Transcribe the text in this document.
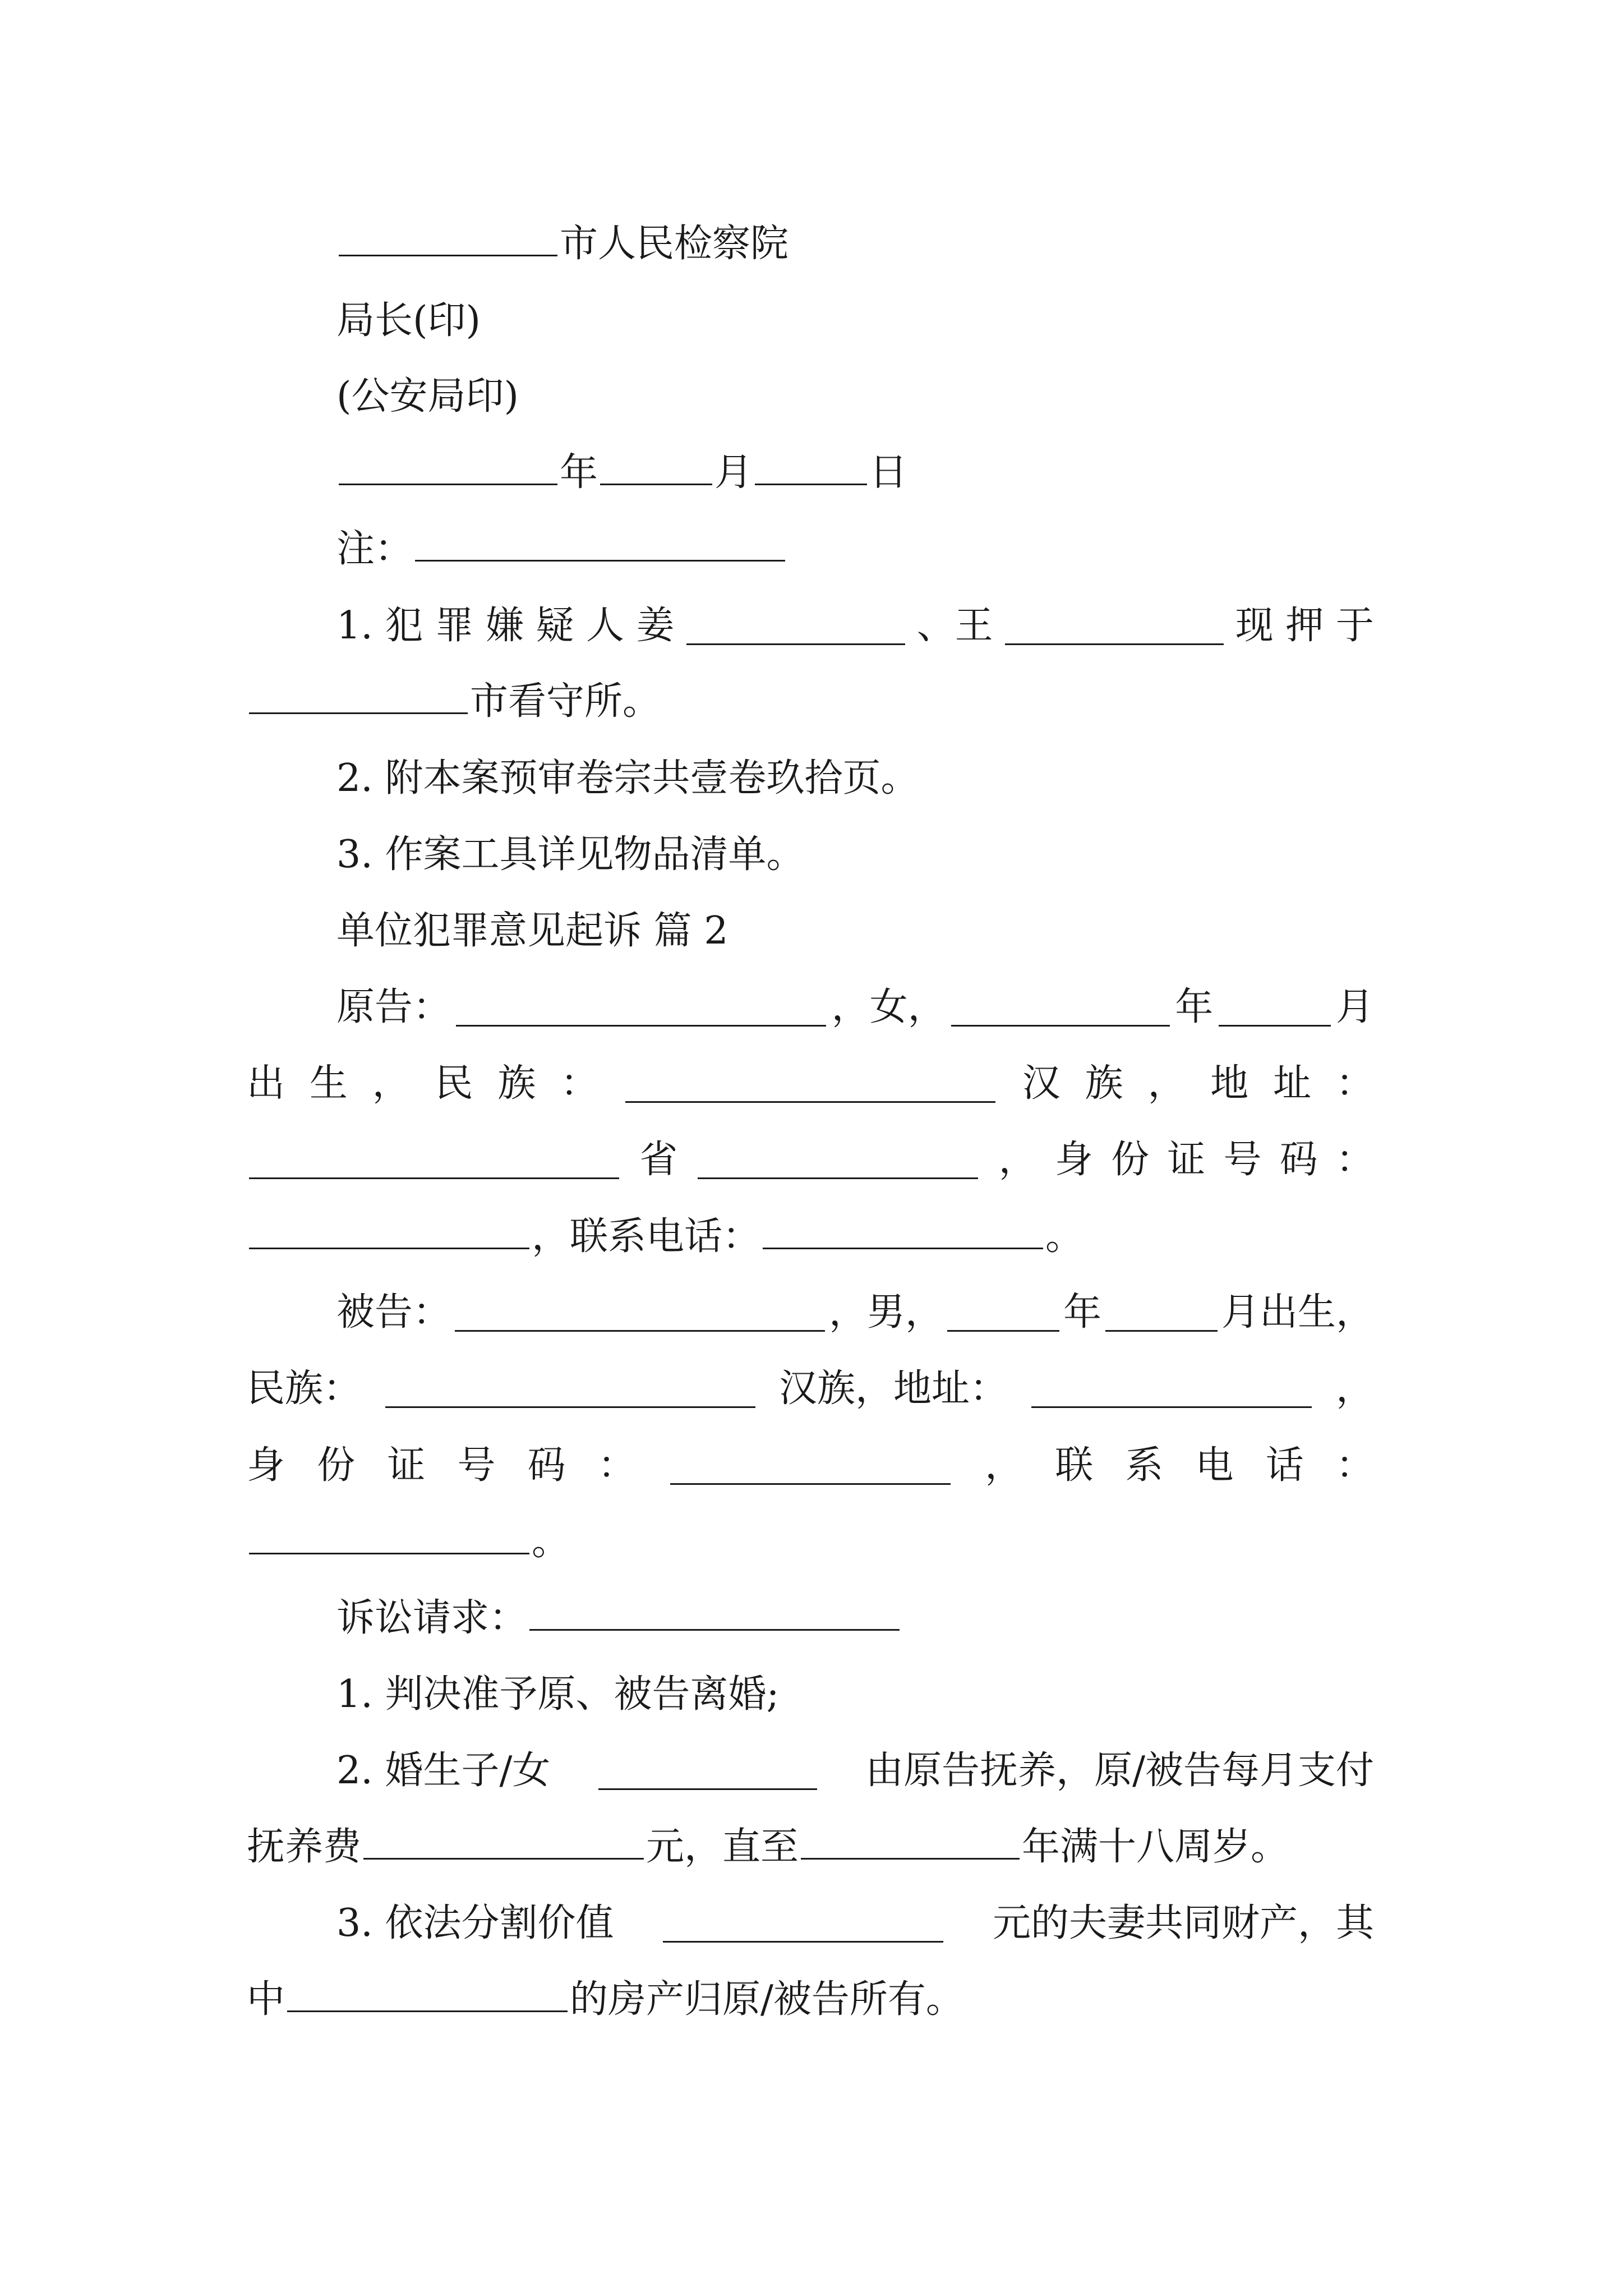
市人民检察院
局长(印)
(公安局印)
年	月	日
注：
1. 犯 罪 嫌 疑 人 姜	、王	现 押 于
市看守所。
2. 附本案预审卷宗共壹卷玖拾页。
3. 作案工具详见物品清单。
单位犯罪意见起诉 篇 2
原告：	，女，	年	月
出 生 ， 民 族 ：	汉 族 ， 地 址 ：
省	， 身 份 证 号 码 ：
，联系电话：	。
被告：	，男，	年	月出生，
民族：	汉族，地址：	，
身 份 证 号 码 ：	， 联 系 电 话 ：
。
诉讼请求：
1. 判决准予原、被告离婚;
2. 婚生子/女	由原告抚养，原/被告每月支付
抚养费	元，直至	年满十八周岁。
3. 依法分割价值	元的夫妻共同财产，其
中	的房产归原/被告所有。
